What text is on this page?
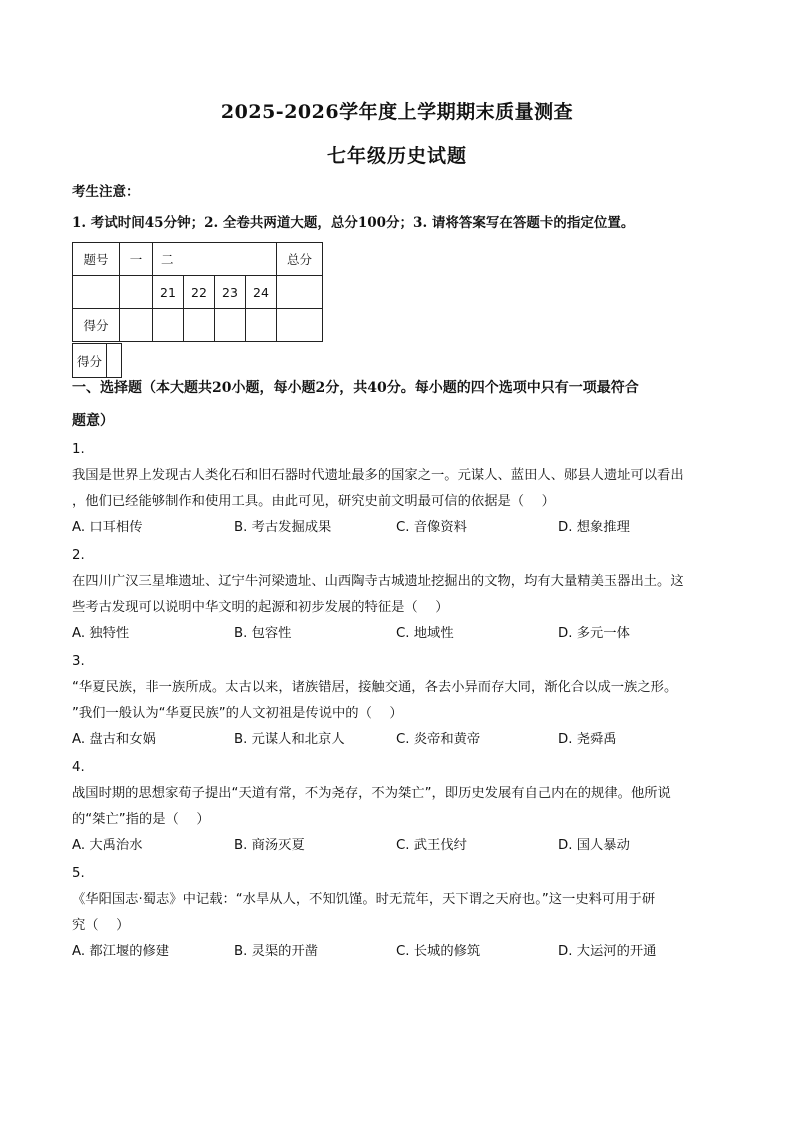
2025-2026学年度上学期期末质量测查
七年级历史试题
考生注意：
1. 考试时间45分钟；2. 全卷共两道大题，总分100分；3. 请将答案写在答题卡的指定位置。
题号	一	二				总分
		21	22	23	24	
得分						
得分	
一、选择题（本大题共20小题，每小题2分，共40分。每小题的四个选项中只有一项最符合
题意）
1.
我国是世界上发现古人类化石和旧石器时代遗址最多的国家之一。元谋人、蓝田人、郧县人遗址可以看出
，他们已经能够制作和使用工具。由此可见，研究史前文明最可信的依据是（　 ）
A. 口耳相传	B. 考古发掘成果	C. 音像资料	D. 想象推理
2.
在四川广汉三星堆遗址、辽宁牛河梁遗址、山西陶寺古城遗址挖掘出的文物，均有大量精美玉器出土。这
些考古发现可以说明中华文明的起源和初步发展的特征是（　 ）
A. 独特性	B. 包容性	C. 地域性	D. 多元一体
3.
“华夏民族，非一族所成。太古以来，诸族错居，接触交通，各去小异而存大同，渐化合以成一族之形。
”我们一般认为“华夏民族”的人文初祖是传说中的（　 ）
A. 盘古和女娲	B. 元谋人和北京人	C. 炎帝和黄帝	D. 尧舜禹
4.
战国时期的思想家荀子提出“天道有常，不为尧存，不为桀亡”，即历史发展有自己内在的规律。他所说
的“桀亡”指的是（　 ）
A. 大禹治水	B. 商汤灭夏	C. 武王伐纣	D. 国人暴动
5.
《华阳国志·蜀志》中记载：“水旱从人，不知饥馑。时无荒年，天下谓之天府也。”这一史料可用于研
究（　 ）
A. 都江堰的修建	B. 灵渠的开凿	C. 长城的修筑	D. 大运河的开通
